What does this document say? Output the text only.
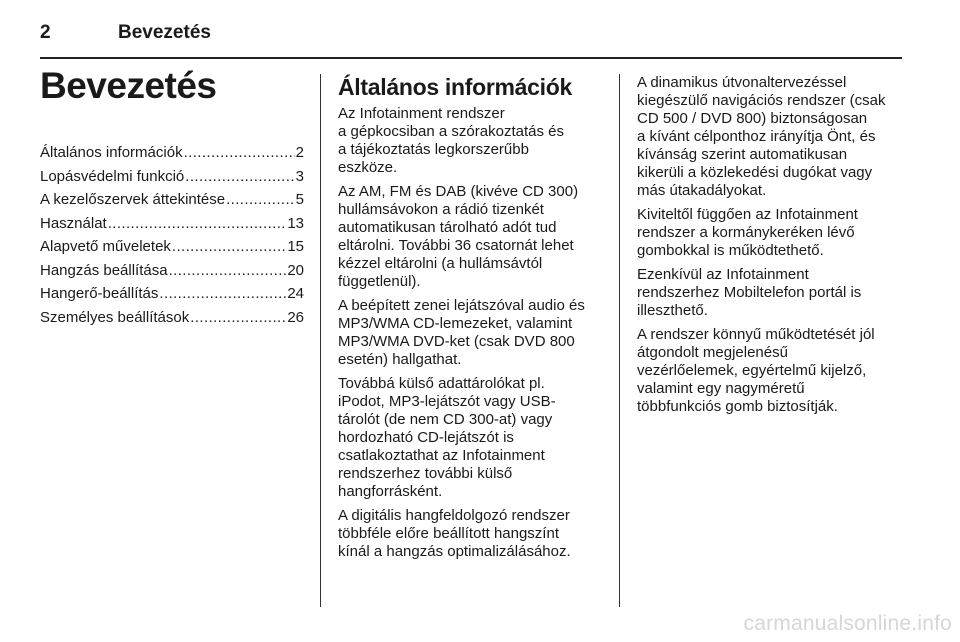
2	Bevezetés
Bevezetés
Általános információk .....	2
Lopásvédelmi funkció .....	3
A kezelőszervek áttekintése .....	5
Használat .....	13
Alapvető műveletek .....	15
Hangzás beállítása .....	20
Hangerő-beállítás .....	24
Személyes beállítások .....	26
Általános információk

Az Infotainment rendszer
a gépkocsiban a szórakoztatás és
a tájékoztatás legkorszerűbb
eszköze.

Az AM, FM és DAB (kivéve CD 300)
hullámsávokon a rádió tizenkét
automatikusan tárolható adót tud
eltárolni. További 36 csatornát lehet
kézzel eltárolni (a hullámsávtól
függetlenül).

A beépített zenei lejátszóval audio és
MP3/WMA CD-lemezeket, valamint
MP3/WMA DVD-ket (csak DVD 800
esetén) hallgathat.

Továbbá külső adattárolókat pl.
iPodot, MP3-lejátszót vagy USB-
tárolót (de nem CD 300-at) vagy
hordozható CD-lejátszót is
csatlakoztathat az Infotainment
rendszerhez további külső
hangforrásként.

A digitális hangfeldolgozó rendszer
többféle előre beállított hangszínt
kínál a hangzás optimalizálásához.

A dinamikus útvonaltervezéssel
kiegészülő navigációs rendszer (csak
CD 500 / DVD 800) biztonságosan
a kívánt célponthoz irányítja Önt, és
kívánság szerint automatikusan
kikerüli a közlekedési dugókat vagy
más útakadályokat.

Kiviteltől függően az Infotainment
rendszer a kormánykeréken lévő
gombokkal is működtethető.

Ezenkívül az Infotainment
rendszerhez Mobiltelefon portál is
illeszthető.

A rendszer könnyű működtetését jól
átgondolt megjelenésű
vezérlőelemek, egyértelmű kijelző,
valamint egy nagyméretű
többfunkciós gomb biztosítják.

carmanualsonline.info
